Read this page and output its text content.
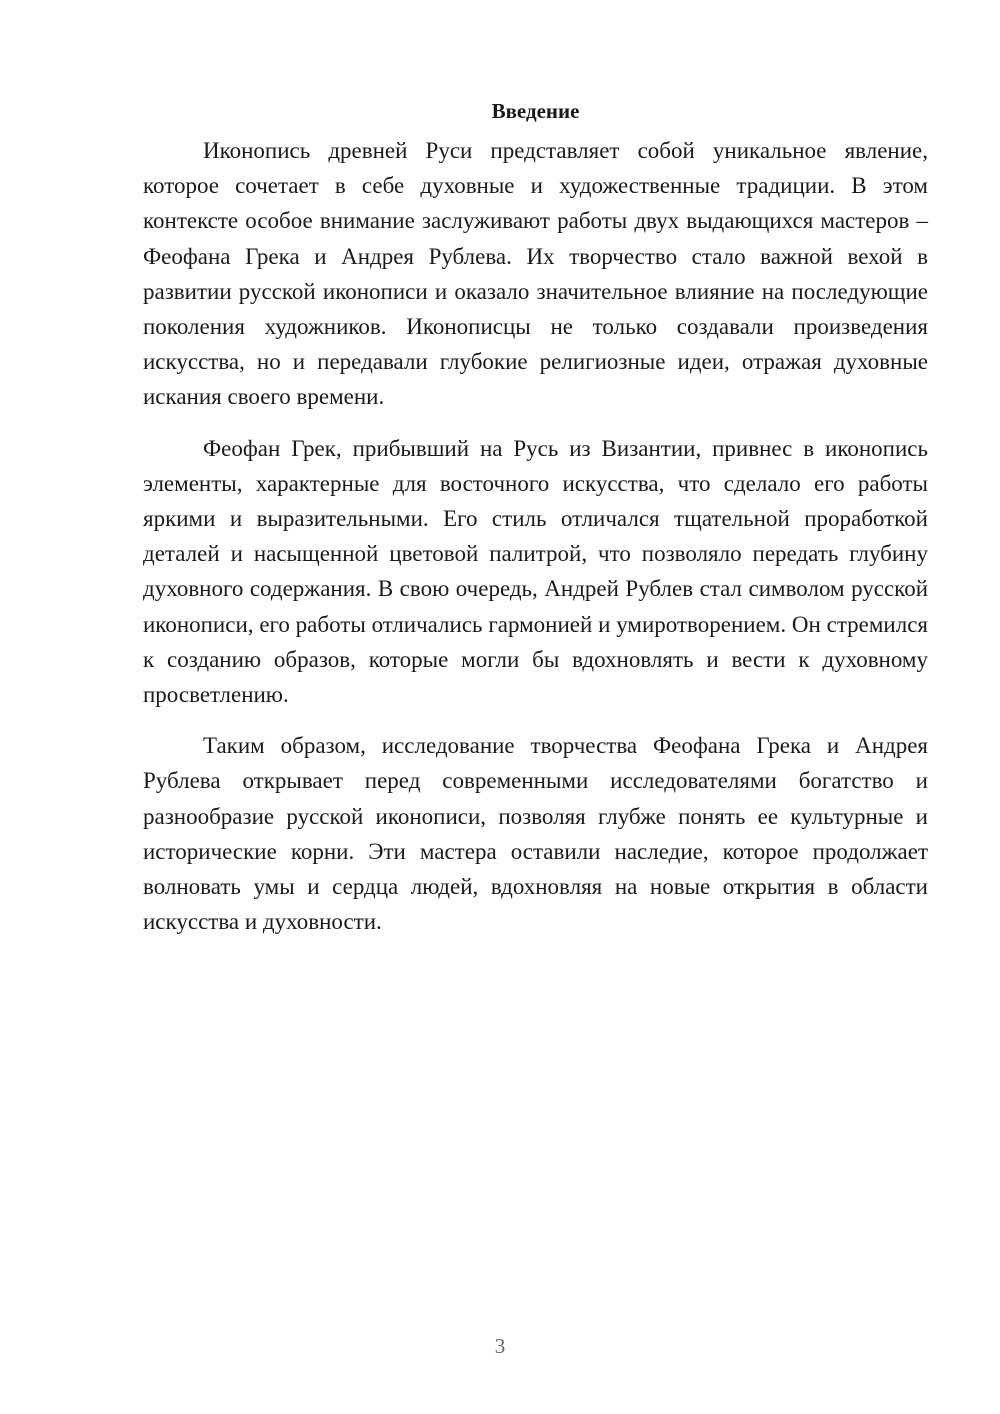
Введение

Иконопись древней Руси представляет собой уникальное явление, которое сочетает в себе духовные и художественные традиции. В этом контексте особое внимание заслуживают работы двух выдающихся мастеров – Феофана Грека и Андрея Рублева. Их творчество стало важной вехой в развитии русской иконописи и оказало значительное влияние на последующие поколения художников. Иконописцы не только создавали произведения искусства, но и передавали глубокие религиозные идеи, отражая духовные искания своего времени.

Феофан Грек, прибывший на Русь из Византии, привнес в иконопись элементы, характерные для восточного искусства, что сделало его работы яркими и выразительными. Его стиль отличался тщательной проработкой деталей и насыщенной цветовой палитрой, что позволяло передать глубину духовного содержания. В свою очередь, Андрей Рублев стал символом русской иконописи, его работы отличались гармонией и умиротворением. Он стремился к созданию образов, которые могли бы вдохновлять и вести к духовному просветлению.

Таким образом, исследование творчества Феофана Грека и Андрея Рублева открывает перед современными исследователями богатство и разнообразие русской иконописи, позволяя глубже понять ее культурные и исторические корни. Эти мастера оставили наследие, которое продолжает волновать умы и сердца людей, вдохновляя на новые открытия в области искусства и духовности.

3
